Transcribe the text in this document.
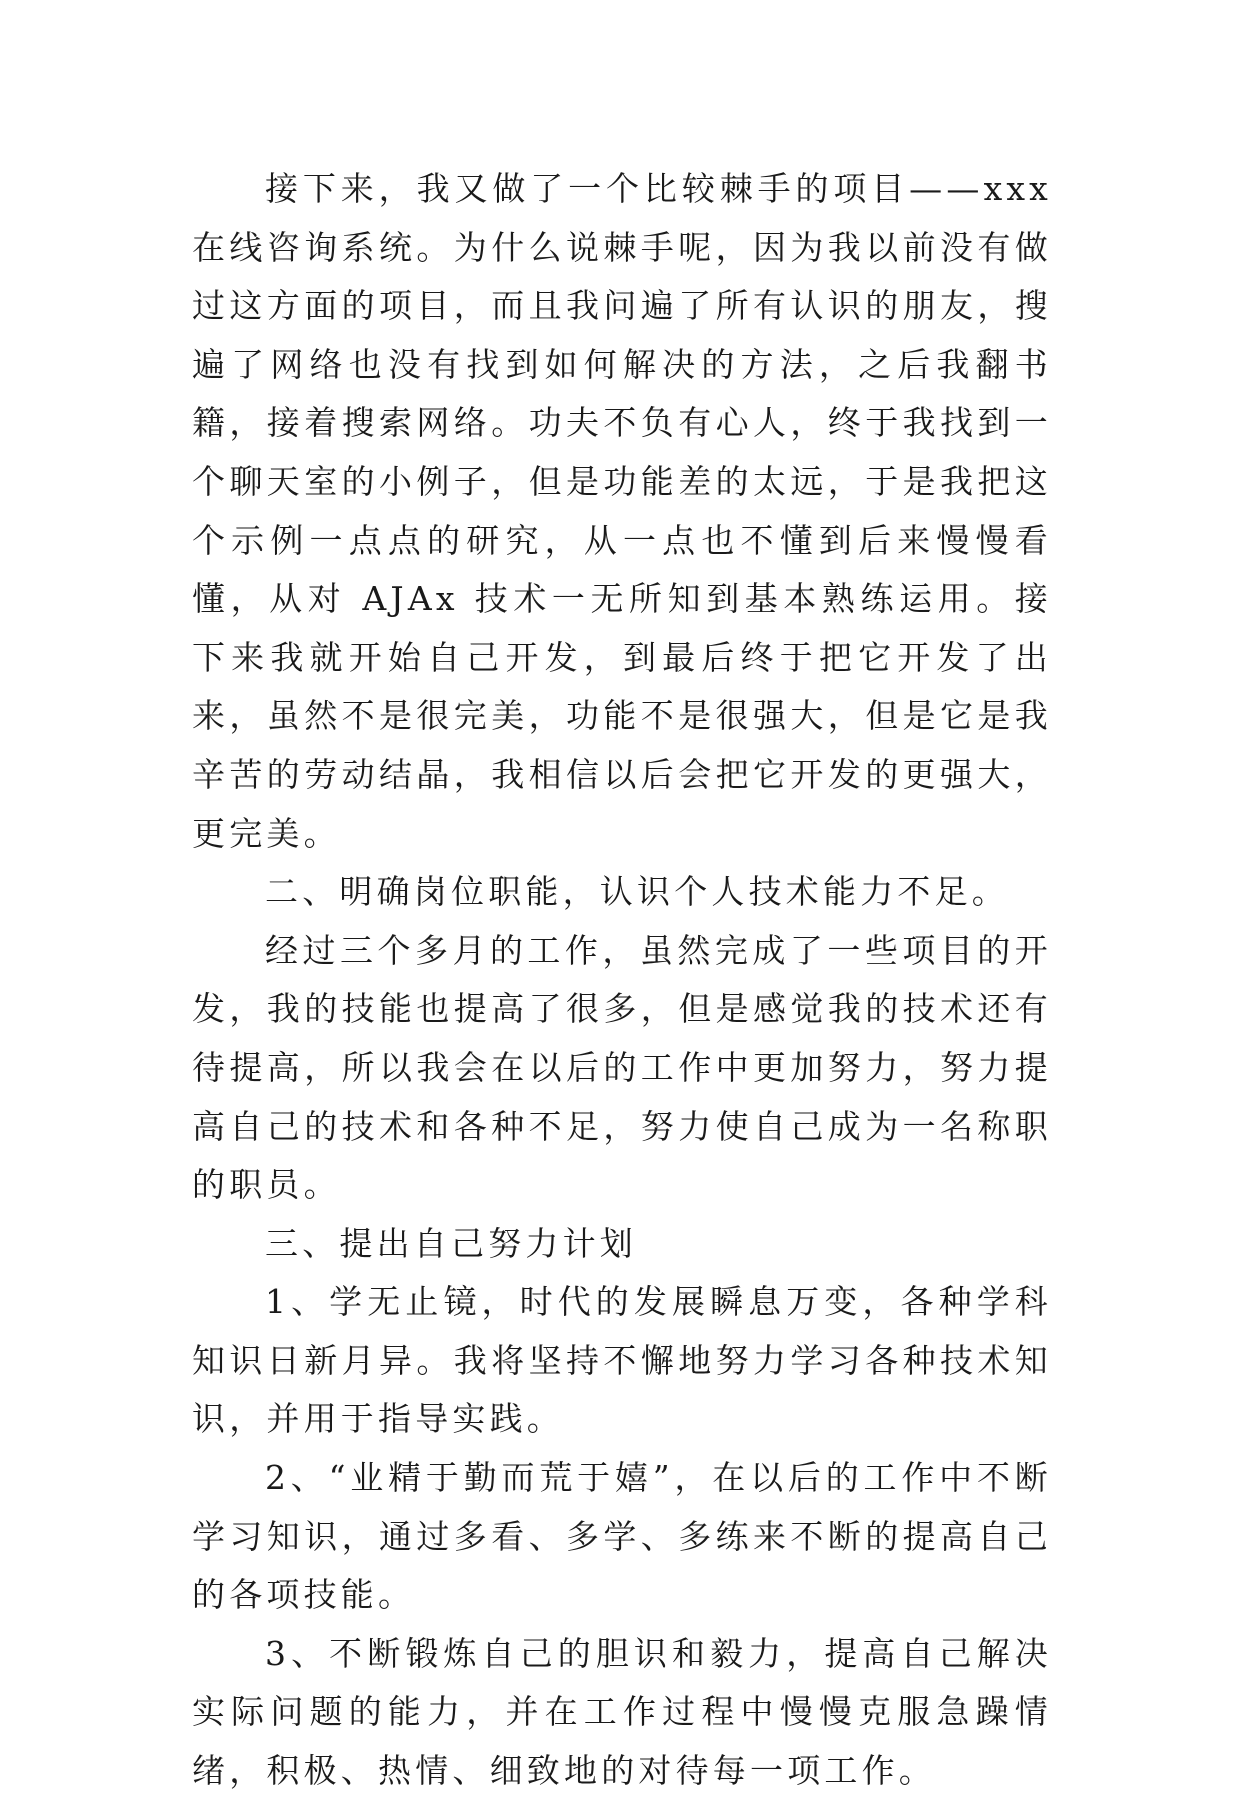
接下来，我又做了一个比较棘手的项目——xxx 在线咨询系统。为什么说棘手呢，因为我以前没有做过这方面的项目，而且我问遍了所有认识的朋友，搜遍了网络也没有找到如何解决的方法，之后我翻书籍，接着搜索网络。功夫不负有心人，终于我找到一个聊天室的小例子，但是功能差的太远，于是我把这个示例一点点的研究，从一点也不懂到后来慢慢看懂，从对 AJAx 技术一无所知到基本熟练运用。接下来我就开始自己开发，到最后终于把它开发了出来，虽然不是很完美，功能不是很强大，但是它是我辛苦的劳动结晶，我相信以后会把它开发的更强大，更完美。

二、明确岗位职能，认识个人技术能力不足。

经过三个多月的工作，虽然完成了一些项目的开发，我的技能也提高了很多，但是感觉我的技术还有待提高，所以我会在以后的工作中更加努力，努力提高自己的技术和各种不足，努力使自己成为一名称职的职员。

三、提出自己努力计划

1、学无止镜，时代的发展瞬息万变，各种学科知识日新月异。我将坚持不懈地努力学习各种技术知识，并用于指导实践。

2、“业精于勤而荒于嬉”，在以后的工作中不断学习知识，通过多看、多学、多练来不断的提高自己的各项技能。

3、不断锻炼自己的胆识和毅力，提高自己解决实际问题的能力，并在工作过程中慢慢克服急躁情绪，积极、热情、细致地的对待每一项工作。
